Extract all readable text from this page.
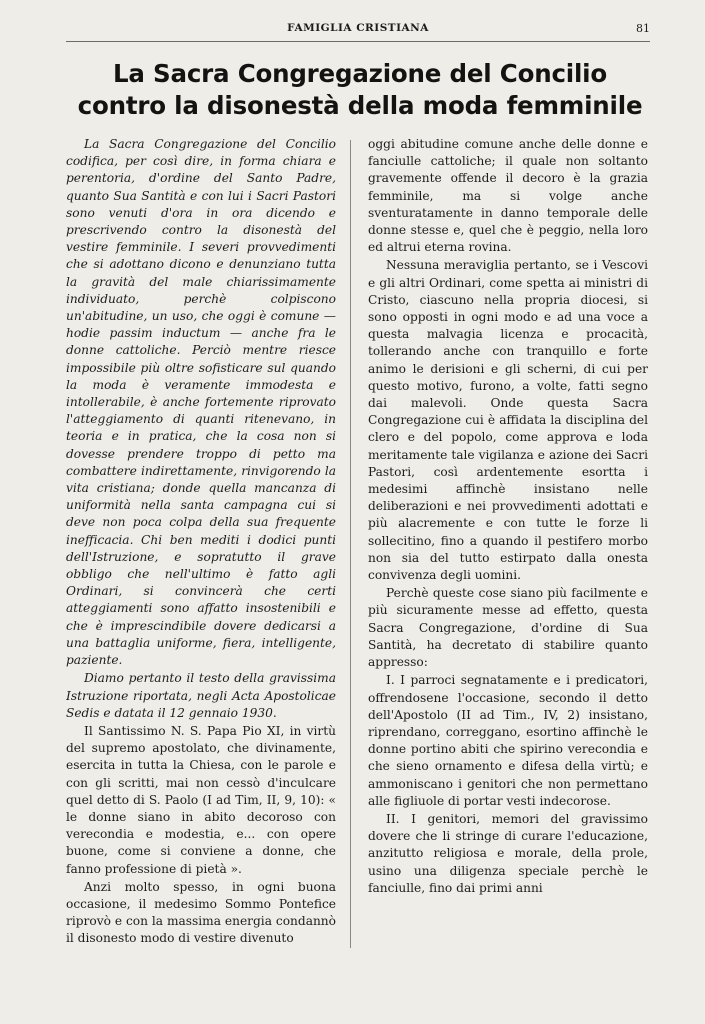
FAMIGLIA CRISTIANA	81
La Sacra Congregazione del Concilio
contro la disonestà della moda femminile

La Sacra Congregazione del Concilio codifica, per così dire, in forma chiara e perentoria, d'ordine del Santo Padre, quanto Sua Santità e con lui i Sacri Pastori sono venuti d'ora in ora dicendo e prescrivendo contro la disonestà del vestire femminile. I severi provvedimenti che si adottano dicono e denunziano tutta la gravità del male chiarissimamente individuato, perchè colpiscono un'abitudine, un uso, che oggi è comune — hodie passim inductum — anche fra le donne cattoliche. Perciò mentre riesce impossibile più oltre sofisticare sul quando la moda è veramente immodesta e intollerabile, è anche fortemente riprovato l'atteggiamento di quanti ritenevano, in teoria e in pratica, che la cosa non si dovesse prendere troppo di petto ma combattere indirettamente, rinvigorendo la vita cristiana; donde quella mancanza di uniformità nella santa campagna cui si deve non poca colpa della sua frequente inefficacia. Chi ben mediti i dodici punti dell'Istruzione, e sopratutto il grave obbligo che nell'ultimo è fatto agli Ordinari, si convincerà che certi atteggiamenti sono affatto insostenibili e che è imprescindibile dovere dedicarsi a una battaglia uniforme, fiera, intelligente, paziente.

Diamo pertanto il testo della gravissima Istruzione riportata, negli Acta Apostolicae Sedis e datata il 12 gennaio 1930.

Il Santissimo N. S. Papa Pio XI, in virtù del supremo apostolato, che divinamente, esercita in tutta la Chiesa, con le parole e con gli scritti, mai non cessò d'inculcare quel detto di S. Paolo (I ad Tim, II, 9, 10): « le donne siano in abito decoroso con verecondia e modestia, e... con opere buone, come si conviene a donne, che fanno professione di pietà ».

Anzi molto spesso, in ogni buona occasione, il medesimo Sommo Pontefice riprovò e con la massima energia condannò il disonesto modo di vestire divenuto

oggi abitudine comune anche delle donne e fanciulle cattoliche; il quale non soltanto gravemente offende il decoro è la grazia femminile, ma si volge anche sventuratamente in danno temporale delle donne stesse e, quel che è peggio, nella loro ed altrui eterna rovina.

Nessuna meraviglia pertanto, se i Vescovi e gli altri Ordinari, come spetta ai ministri di Cristo, ciascuno nella propria diocesi, si sono opposti in ogni modo e ad una voce a questa malvagia licenza e procacità, tollerando anche con tranquillo e forte animo le derisioni e gli scherni, di cui per questo motivo, furono, a volte, fatti segno dai malevoli. Onde questa Sacra Congregazione cui è affidata la disciplina del clero e del popolo, come approva e loda meritamente tale vigilanza e azione dei Sacri Pastori, così ardentemente esortta i medesimi affinchè insistano nelle deliberazioni e nei provvedimenti adottati e più alacremente e con tutte le forze li sollecitino, fino a quando il pestifero morbo non sia del tutto estirpato dalla onesta convivenza degli uomini.

Perchè queste cose siano più facilmente e più sicuramente messe ad effetto, questa Sacra Congregazione, d'ordine di Sua Santità, ha decretato di stabilire quanto appresso:

I. I parroci segnatamente e i predicatori, offrendosene l'occasione, secondo il detto dell'Apostolo (II ad Tim., IV, 2) insistano, riprendano, correggano, esortino affinchè le donne portino abiti che spirino verecondia e che sieno ornamento e difesa della virtù; e ammoniscano i genitori che non permettano alle figliuole di portar vesti indecorose.

II. I genitori, memori del gravissimo dovere che li stringe di curare l'educazione, anzitutto religiosa e morale, della prole, usino una diligenza speciale perchè le fanciulle, fino dai primi anni
